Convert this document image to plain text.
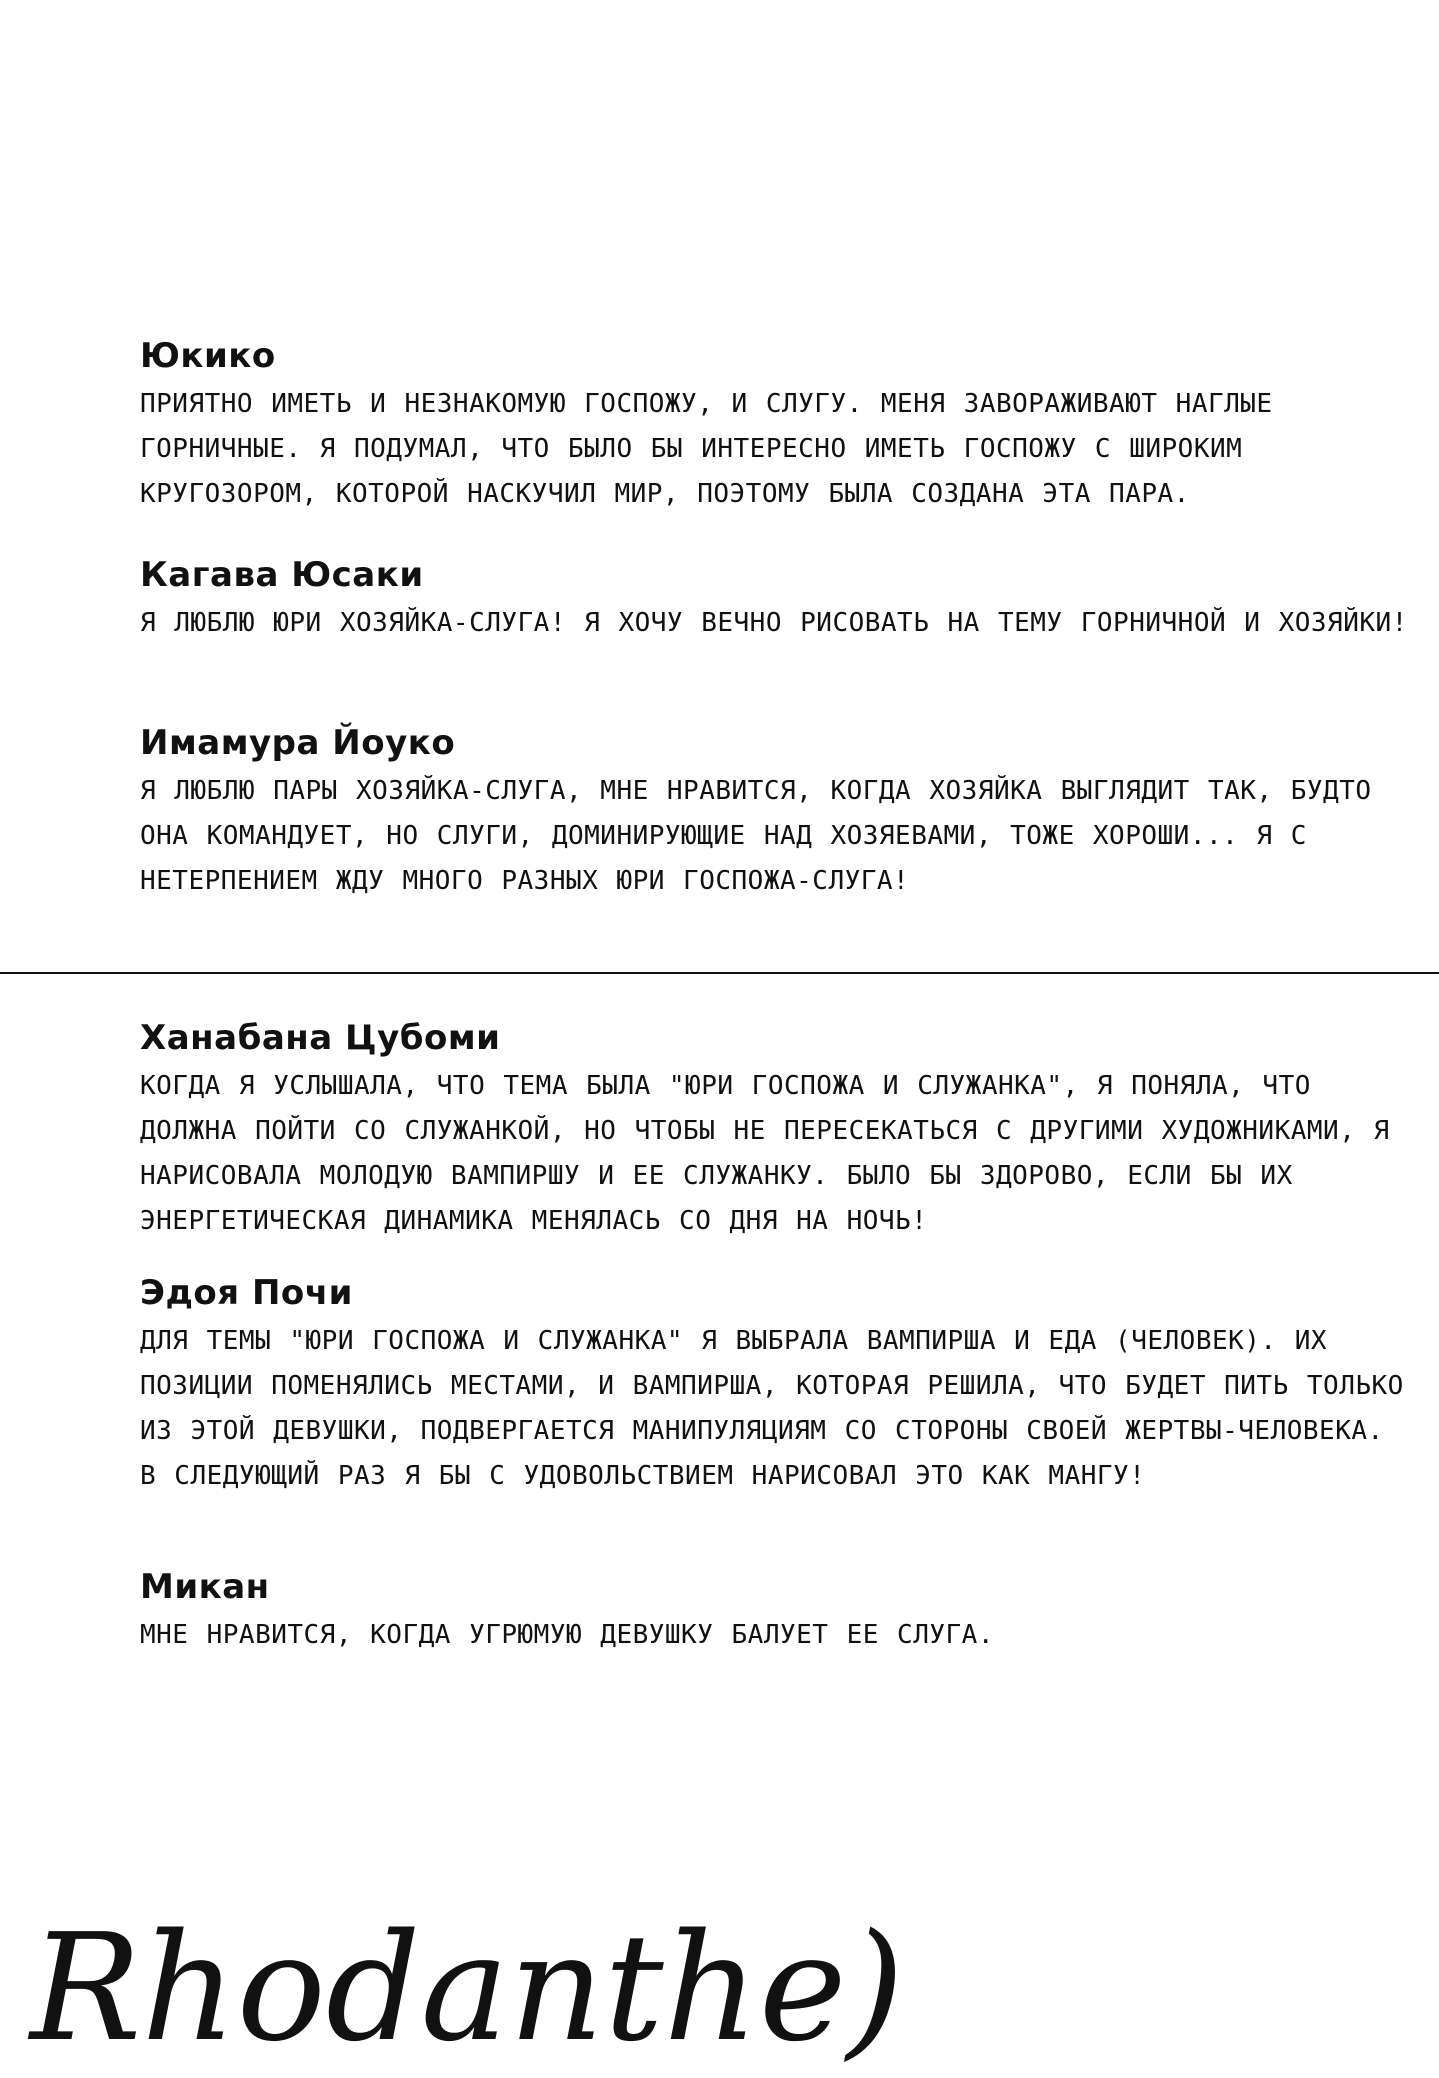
Юкико

ПРИЯТНО ИМЕТЬ И НЕЗНАКОМУЮ ГОСПОЖУ, И СЛУГУ. МЕНЯ ЗАВОРАЖИВАЮТ НАГЛЫЕ ГОРНИЧНЫЕ. Я ПОДУМАЛ, ЧТО БЫЛО БЫ ИНТЕРЕСНО ИМЕТЬ ГОСПОЖУ С ШИРОКИМ КРУГОЗОРОМ, КОТОРОЙ НАСКУЧИЛ МИР, ПОЭТОМУ БЫЛА СОЗДАНА ЭТА ПАРА.

Кагава Юсаки

Я ЛЮБЛЮ ЮРИ ХОЗЯЙКА-СЛУГА! Я ХОЧУ ВЕЧНО РИСОВАТЬ НА ТЕМУ ГОРНИЧНОЙ И ХОЗЯЙКИ!

Имамура Йоуко

Я ЛЮБЛЮ ПАРЫ ХОЗЯЙКА-СЛУГА, МНЕ НРАВИТСЯ, КОГДА ХОЗЯЙКА ВЫГЛЯДИТ ТАК, БУДТО ОНА КОМАНДУЕТ, НО СЛУГИ, ДОМИНИРУЮЩИЕ НАД ХОЗЯЕВАМИ, ТОЖЕ ХОРОШИ... Я С НЕТЕРПЕНИЕМ ЖДУ МНОГО РАЗНЫХ ЮРИ ГОСПОЖА-СЛУГА!

Ханабана Цубоми

КОГДА Я УСЛЫШАЛА, ЧТО ТЕМА БЫЛА "ЮРИ ГОСПОЖА И СЛУЖАНКА", Я ПОНЯЛА, ЧТО ДОЛЖНА ПОЙТИ СО СЛУЖАНКОЙ, НО ЧТОБЫ НЕ ПЕРЕСЕКАТЬСЯ С ДРУГИМИ ХУДОЖНИКАМИ, Я НАРИСОВАЛА МОЛОДУЮ ВАМПИРШУ И ЕЕ СЛУЖАНКУ. БЫЛО БЫ ЗДОРОВО, ЕСЛИ БЫ ИХ ЭНЕРГЕТИЧЕСКАЯ ДИНАМИКА МЕНЯЛАСЬ СО ДНЯ НА НОЧЬ!

Эдоя Почи

ДЛЯ ТЕМЫ "ЮРИ ГОСПОЖА И СЛУЖАНКА" Я ВЫБРАЛА ВАМПИРША И ЕДА (ЧЕЛОВЕК). ИХ ПОЗИЦИИ ПОМЕНЯЛИСЬ МЕСТАМИ, И ВАМПИРША, КОТОРАЯ РЕШИЛА, ЧТО БУДЕТ ПИТЬ ТОЛЬКО ИЗ ЭТОЙ ДЕВУШКИ, ПОДВЕРГАЕТСЯ МАНИПУЛЯЦИЯМ СО СТОРОНЫ СВОЕЙ ЖЕРТВЫ-ЧЕЛОВЕКА. В СЛЕДУЮЩИЙ РАЗ Я БЫ С УДОВОЛЬСТВИЕМ НАРИСОВАЛ ЭТО КАК МАНГУ!

Микан

МНЕ НРАВИТСЯ, КОГДА УГРЮМУЮ ДЕВУШКУ БАЛУЕТ ЕЕ СЛУГА.

Rhodanthe)
